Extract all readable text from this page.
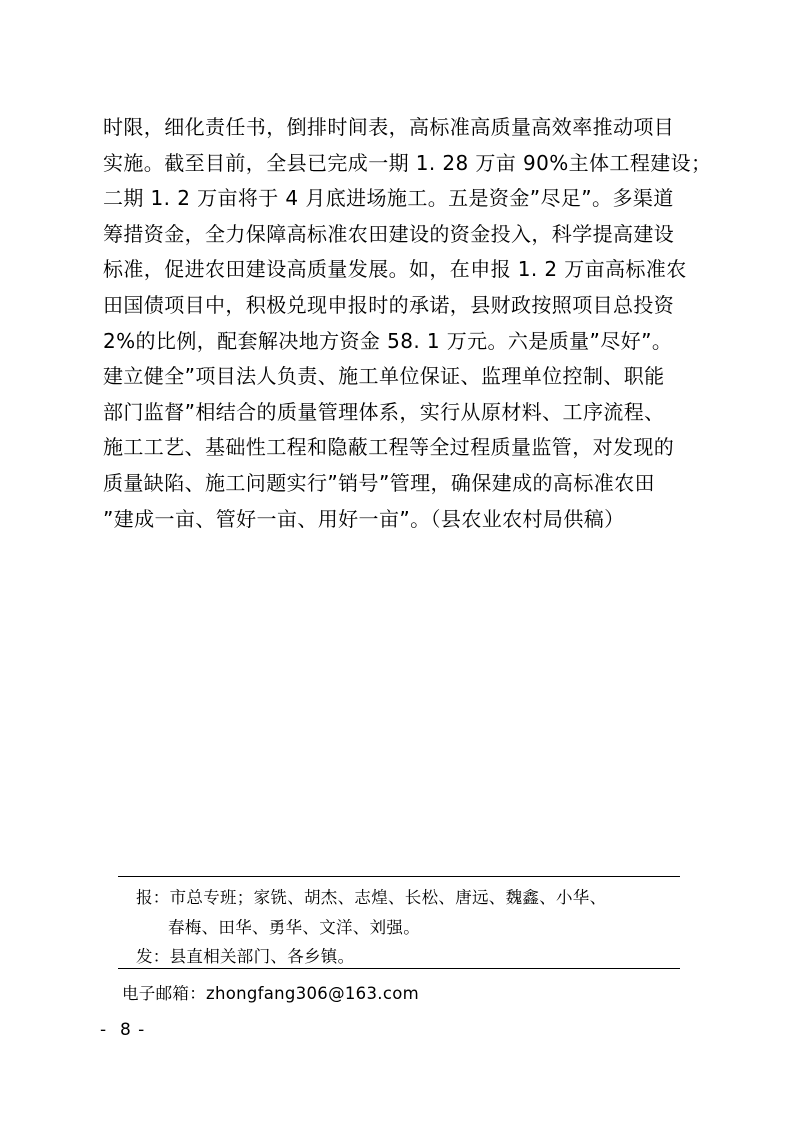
时限，细化责任书，倒排时间表，高标准高质量高效率推动项目
实施。截至目前，全县已完成一期 1. 28 万亩 90%主体工程建设；
二期 1. 2 万亩将于 4 月底进场施工。五是资金”尽足”。多渠道
筹措资金，全力保障高标准农田建设的资金投入，科学提高建设
标准，促进农田建设高质量发展。如，在申报 1. 2 万亩高标准农
田国债项目中，积极兑现申报时的承诺，县财政按照项目总投资
2%的比例，配套解决地方资金 58. 1 万元。六是质量”尽好”。
建立健全”项目法人负责、施工单位保证、监理单位控制、职能
部门监督”相结合的质量管理体系，实行从原材料、工序流程、
施工工艺、基础性工程和隐蔽工程等全过程质量监管，对发现的
质量缺陷、施工问题实行”销号”管理，确保建成的高标准农田
”建成一亩、管好一亩、用好一亩”。（县农业农村局供稿）
报：市总专班；家铣、胡杰、志煌、长松、唐远、魏鑫、小华、
春梅、田华、勇华、文洋、刘强。
发：县直相关部门、各乡镇。
电子邮箱：zhongfang306@163.com
-  8 -
